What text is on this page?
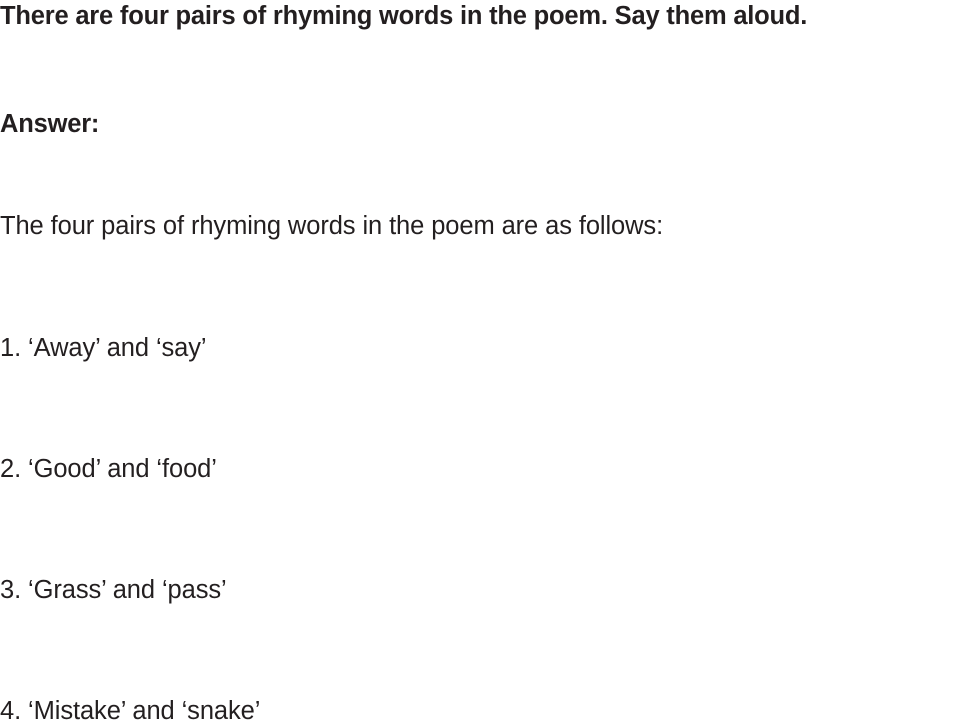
There are four pairs of rhyming words in the poem. Say them aloud.
Answer:
The four pairs of rhyming words in the poem are as follows:
1. ‘Away’ and ‘say’
2. ‘Good’ and ‘food’
3. ‘Grass’ and ‘pass’
4. ‘Mistake’ and ‘snake’
